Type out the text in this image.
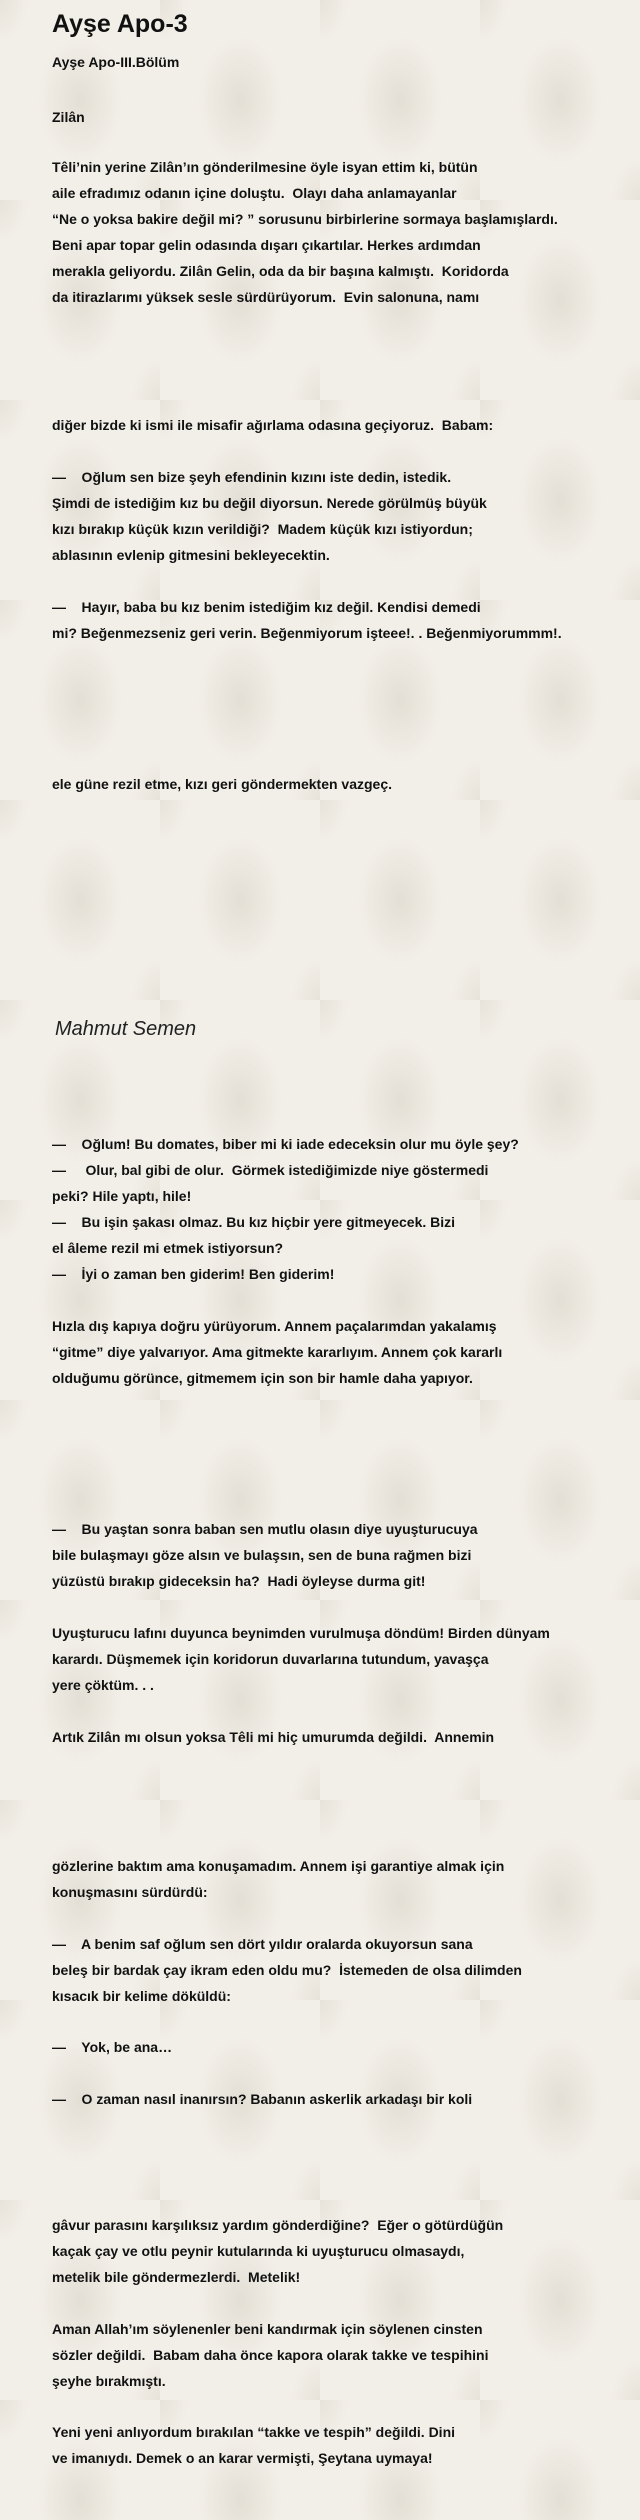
Ayşe Apo-3

Ayşe Apo-III.Bölüm

Zilân

Têli’nin yerine Zilân’ın gönderilmesine öyle isyan ettim ki, bütün

aile efradımız odanın içine doluştu.  Olayı daha anlamayanlar

“Ne o yoksa bakire değil mi? ” sorusunu birbirlerine sormaya başlamışlardı.

Beni apar topar gelin odasında dışarı çıkartılar. Herkes ardımdan

merakla geliyordu. Zilân Gelin, oda da bir başına kalmıştı.  Koridorda

da itirazlarımı yüksek sesle sürdürüyorum.  Evin salonuna, namı

diğer bizde ki ismi ile misafir ağırlama odasına geçiyoruz.  Babam:

—    Oğlum sen bize şeyh efendinin kızını iste dedin, istedik.

Şimdi de istediğim kız bu değil diyorsun. Nerede görülmüş büyük

kızı bırakıp küçük kızın verildiği?  Madem küçük kızı istiyordun;

ablasının evlenip gitmesini bekleyecektin.

—    Hayır, baba bu kız benim istediğim kız değil. Kendisi demedi

mi? Beğenmezseniz geri verin. Beğenmiyorum işteee!. . Beğenmiyorummm!.

ele güne rezil etme, kızı geri göndermekten vazgeç.

Mahmut Semen

—    Oğlum! Bu domates, biber mi ki iade edeceksin olur mu öyle şey?

—     Olur, bal gibi de olur.  Görmek istediğimizde niye göstermedi

peki? Hile yaptı, hile!

—    Bu işin şakası olmaz. Bu kız hiçbir yere gitmeyecek. Bizi

el âleme rezil mi etmek istiyorsun?

—    İyi o zaman ben giderim! Ben giderim!

Hızla dış kapıya doğru yürüyorum. Annem paçalarımdan yakalamış

“gitme” diye yalvarıyor. Ama gitmekte kararlıyım. Annem çok kararlı

olduğumu görünce, gitmemem için son bir hamle daha yapıyor.

—    Bu yaştan sonra baban sen mutlu olasın diye uyuşturucuya

bile bulaşmayı göze alsın ve bulaşsın, sen de buna rağmen bizi

yüzüstü bırakıp gideceksin ha?  Hadi öyleyse durma git!

Uyuşturucu lafını duyunca beynimden vurulmuşa döndüm! Birden dünyam

karardı. Düşmemek için koridorun duvarlarına tutundum, yavaşça

yere çöktüm. . .

Artık Zilân mı olsun yoksa Têli mi hiç umurumda değildi.  Annemin

gözlerine baktım ama konuşamadım. Annem işi garantiye almak için

konuşmasını sürdürdü:

—    A benim saf oğlum sen dört yıldır oralarda okuyorsun sana

beleş bir bardak çay ikram eden oldu mu?  İstemeden de olsa dilimden

kısacık bir kelime döküldü:

—    Yok, be ana…

—    O zaman nasıl inanırsın? Babanın askerlik arkadaşı bir koli

gâvur parasını karşılıksız yardım gönderdiğine?  Eğer o götürdüğün

kaçak çay ve otlu peynir kutularında ki uyuşturucu olmasaydı,

metelik bile göndermezlerdi.  Metelik!

Aman Allah’ım söylenenler beni kandırmak için söylenen cinsten

sözler değildi.  Babam daha önce kapora olarak takke ve tespihini

şeyhe bırakmıştı.

Yeni yeni anlıyordum bırakılan “takke ve tespih” değildi. Dini

ve imanıydı. Demek o an karar vermişti, Şeytana uymaya!
